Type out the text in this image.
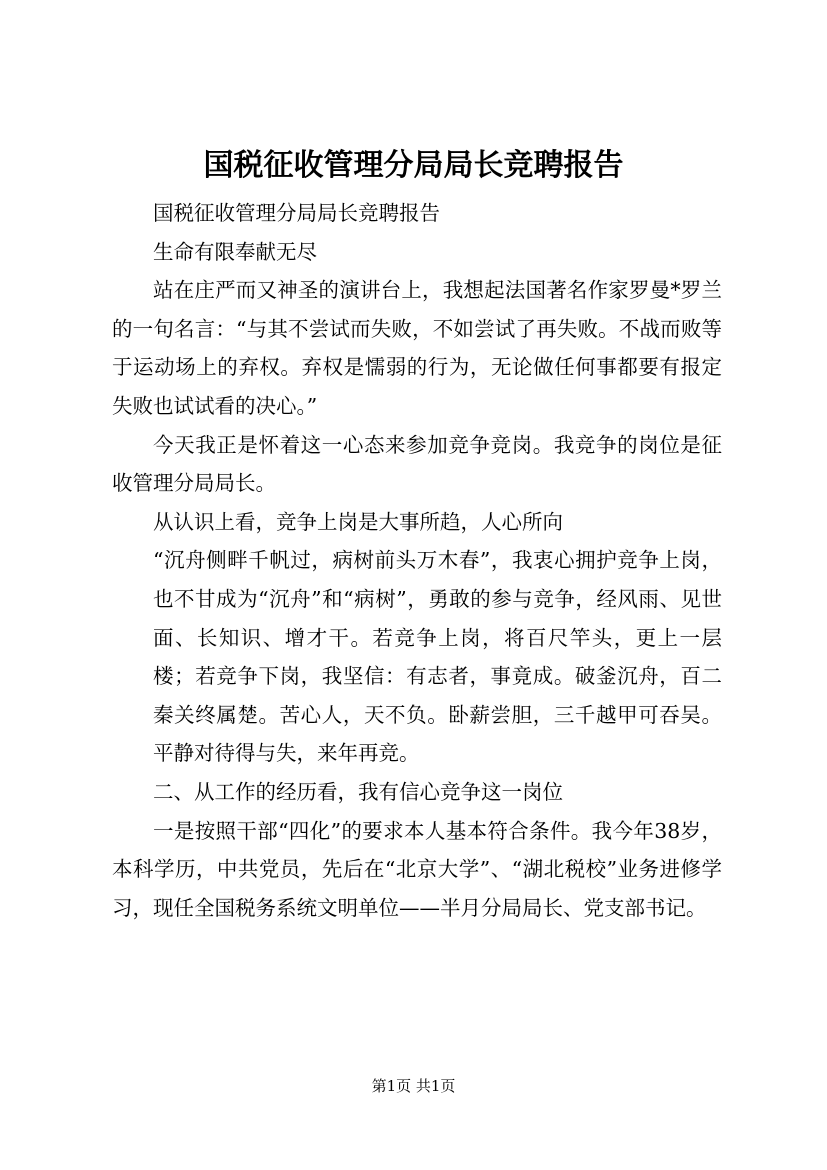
国税征收管理分局局长竞聘报告

国税征收管理分局局长竞聘报告

生命有限奉献无尽

站在庄严而又神圣的演讲台上，我想起法国著名作家罗曼*罗兰的一句名言：“与其不尝试而失败，不如尝试了再失败。不战而败等于运动场上的弃权。弃权是懦弱的行为，无论做任何事都要有报定失败也试试看的决心。”

今天我正是怀着这一心态来参加竞争竞岗。我竞争的岗位是征收管理分局局长。

从认识上看，竞争上岗是大事所趋，人心所向

“沉舟侧畔千帆过，病树前头万木春”，我衷心拥护竞争上岗，也不甘成为“沉舟”和“病树”，勇敢的参与竞争，经风雨、见世面、长知识、增才干。若竞争上岗，将百尺竿头，更上一层楼；若竞争下岗，我坚信：有志者，事竟成。破釜沉舟，百二秦关终属楚。苦心人，天不负。卧薪尝胆，三千越甲可吞吴。平静对待得与失，来年再竞。

二、从工作的经历看，我有信心竞争这一岗位

一是按照干部“四化”的要求本人基本符合条件。我今年38岁，本科学历，中共党员，先后在“北京大学”、“湖北税校”业务进修学习，现任全国税务系统文明单位——半月分局局长、党支部书记。

第1页 共1页
